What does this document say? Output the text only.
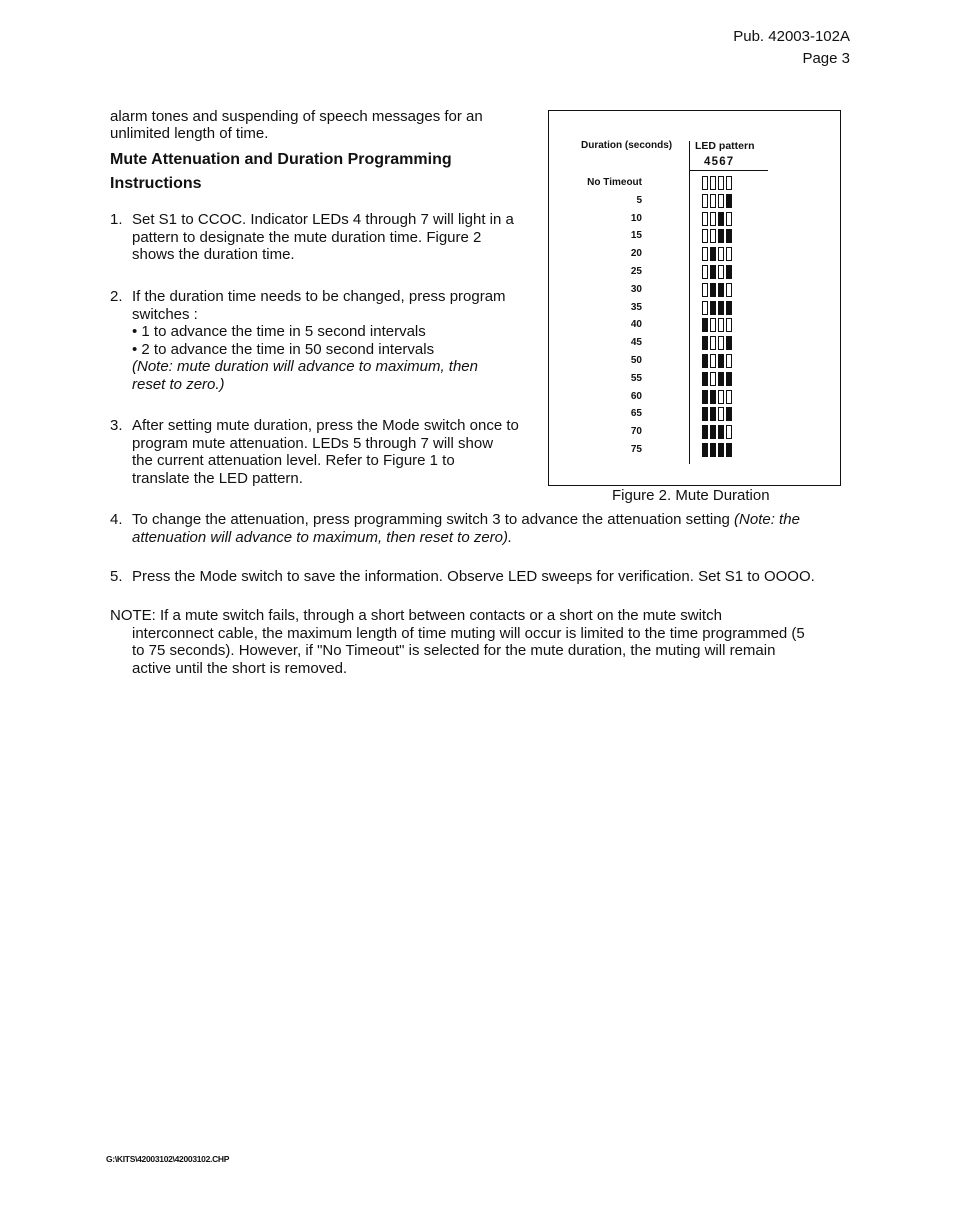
Pub. 42003-102A
Page 3
alarm tones and suspending of speech messages for an
unlimited length of time.
Mute Attenuation and Duration Programming
Instructions
1. Set S1 to CCOC. Indicator LEDs 4 through 7 will light in a
pattern to designate the mute duration time. Figure 2
shows the duration time.
2. If the duration time needs to be changed, press program
switches :
• 1 to advance the time in 5 second intervals
• 2 to advance the time in 50 second intervals
(Note: mute duration will advance to maximum, then
reset to zero.)
3. After setting mute duration, press the Mode switch once to
program mute attenuation. LEDs 5 through 7 will show
the current attenuation level. Refer to Figure 1 to
translate the LED pattern.
4. To change the attenuation, press programming switch 3 to advance the attenuation setting (Note: the
attenuation will advance to maximum, then reset to zero).
5. Press the Mode switch to save the information. Observe LED sweeps for verification. Set S1 to OOOO.
NOTE: If a mute switch fails, through a short between contacts or a short on the mute switch
interconnect cable, the maximum length of time muting will occur is limited to the time programmed (5
to 75 seconds). However, if "No Timeout" is selected for the mute duration, the muting will remain
active until the short is removed.
Duration (seconds) LED pattern
4567
No Timeout
5
10
15
20
25
30
35
40
45
50
55
60
65
70
75
Figure 2. Mute Duration
G:\KITS\42003102\42003102.CHP
